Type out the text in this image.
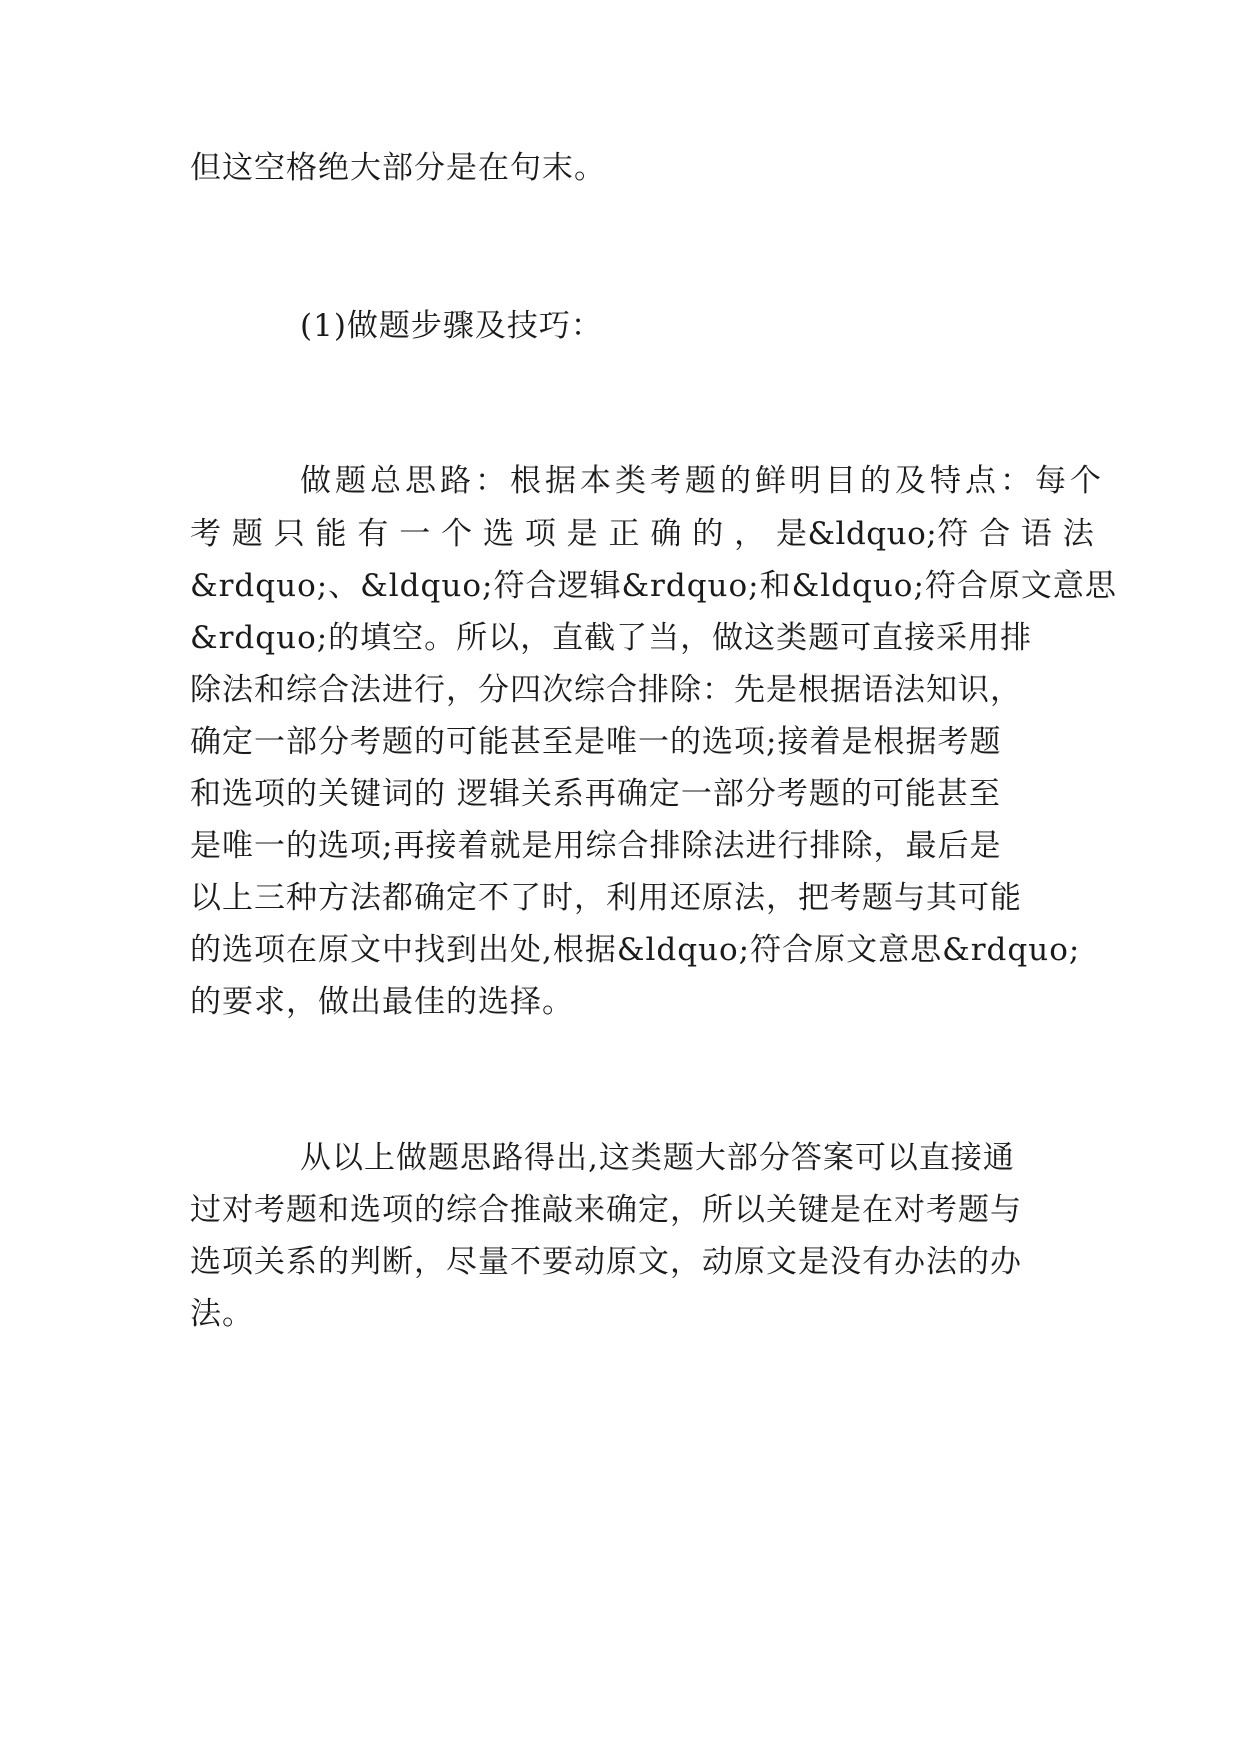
但这空格绝大部分是在句末。
(1)做题步骤及技巧：
做题总思路：根据本类考题的鲜明目的及特点：每个
考 题 只 能 有 一 个 选 项 是 正 确 的 ， 是&ldquo;符 合 语 法
&rdquo;、&ldquo;符合逻辑&rdquo;和&ldquo;符合原文意思
&rdquo;的填空。所以，直截了当，做这类题可直接采用排
除法和综合法进行，分四次综合排除：先是根据语法知识，
确定一部分考题的可能甚至是唯一的选项;接着是根据考题
和选项的关键词的 逻辑关系再确定一部分考题的可能甚至
是唯一的选项;再接着就是用综合排除法进行排除，最后是
以上三种方法都确定不了时，利用还原法，把考题与其可能
的选项在原文中找到出处,根据&ldquo;符合原文意思&rdquo;
的要求，做出最佳的选择。
从以上做题思路得出,这类题大部分答案可以直接通
过对考题和选项的综合推敲来确定，所以关键是在对考题与
选项关系的判断，尽量不要动原文，动原文是没有办法的办
法。
